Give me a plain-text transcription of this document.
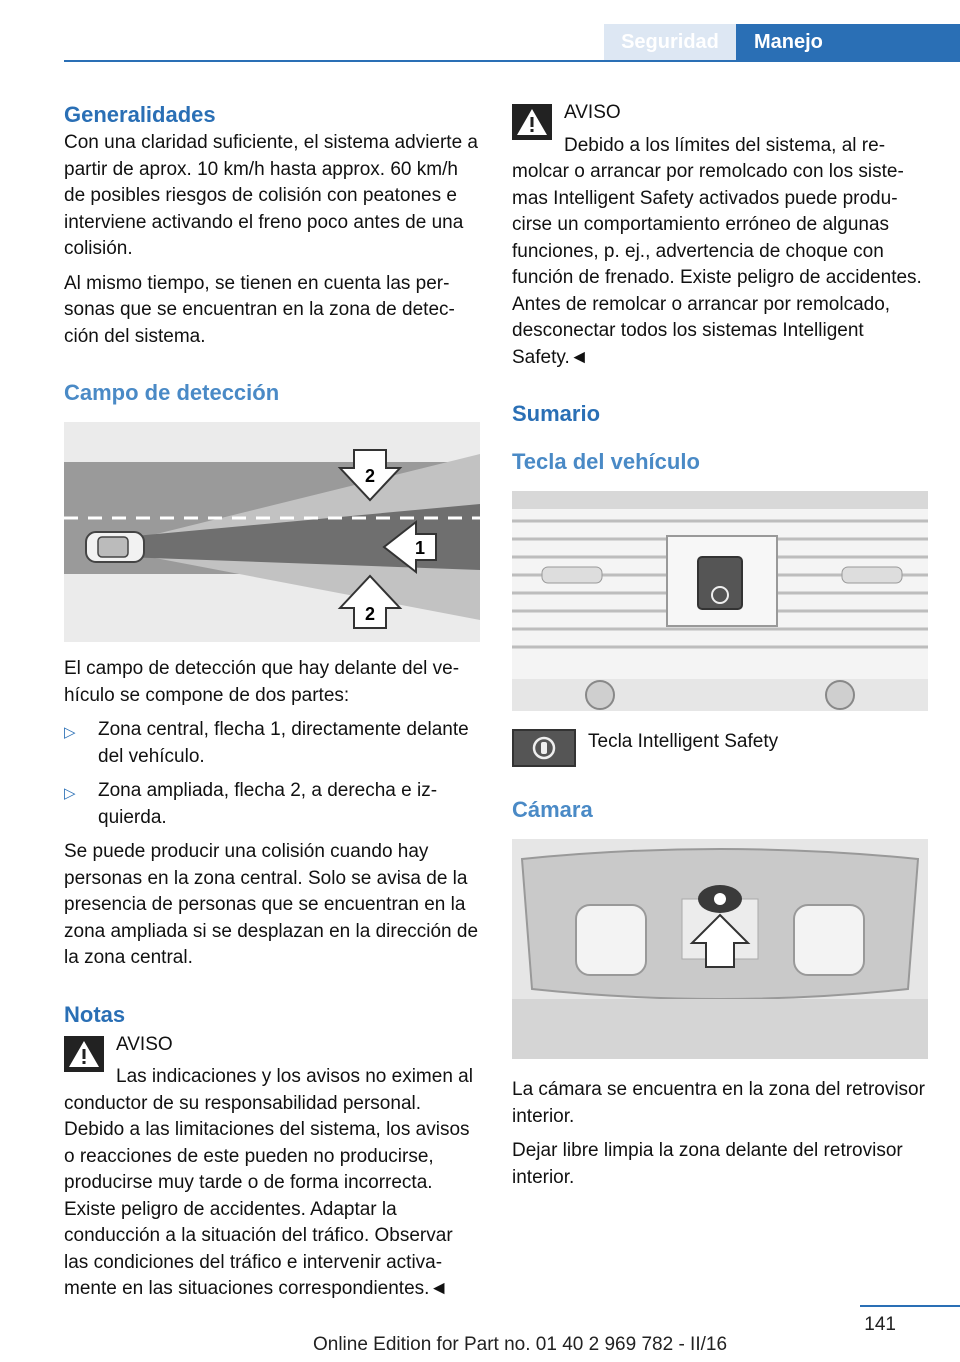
Seguridad	Manejo
Generalidades

Con una claridad suficiente, el sistema advierte a partir de aprox. 10 km/h hasta approx. 60 km/h de posibles riesgos de colisión con peatones e interviene activando el freno poco antes de una colisión.

Al mismo tiempo, se tienen en cuenta las personas que se encuentran en la zona de detección del sistema.

Campo de detección
2
1
2

El campo de detección que hay delante del vehículo se compone de dos partes:

▷ Zona central, flecha 1, directamente delante del vehículo.
▷ Zona ampliada, flecha 2, a derecha e izquierda.

Se puede producir una colisión cuando hay personas en la zona central. Solo se avisa de la presencia de personas que se encuentran en la zona ampliada si se desplazan en la dirección de la zona central.

Notas
AVISO

Las indicaciones y los avisos no eximen al conductor de su responsabilidad personal. Debido a las limitaciones del sistema, los avisos o reacciones de este pueden no producirse, producirse muy tarde o de forma incorrecta. Existe peligro de accidentes. Adaptar la conducción a la situación del tráfico. Observar las condiciones del tráfico e intervenir activamente en las situaciones correspondientes.◄

AVISO

Debido a los límites del sistema, al remolcar o arrancar por remolcado con los sistemas Intelligent Safety activados puede producirse un comportamiento erróneo de algunas funciones, p. ej., advertencia de choque con función de frenado. Existe peligro de accidentes. Antes de remolcar o arrancar por remolcado, desconectar todos los sistemas Intelligent Safety.◄

Sumario
Tecla del vehículo
Tecla Intelligent Safety
Cámara

La cámara se encuentra en la zona del retrovisor interior.

Dejar libre limpia la zona delante del retrovisor interior.

141
Online Edition for Part no. 01 40 2 969 782 - II/16
